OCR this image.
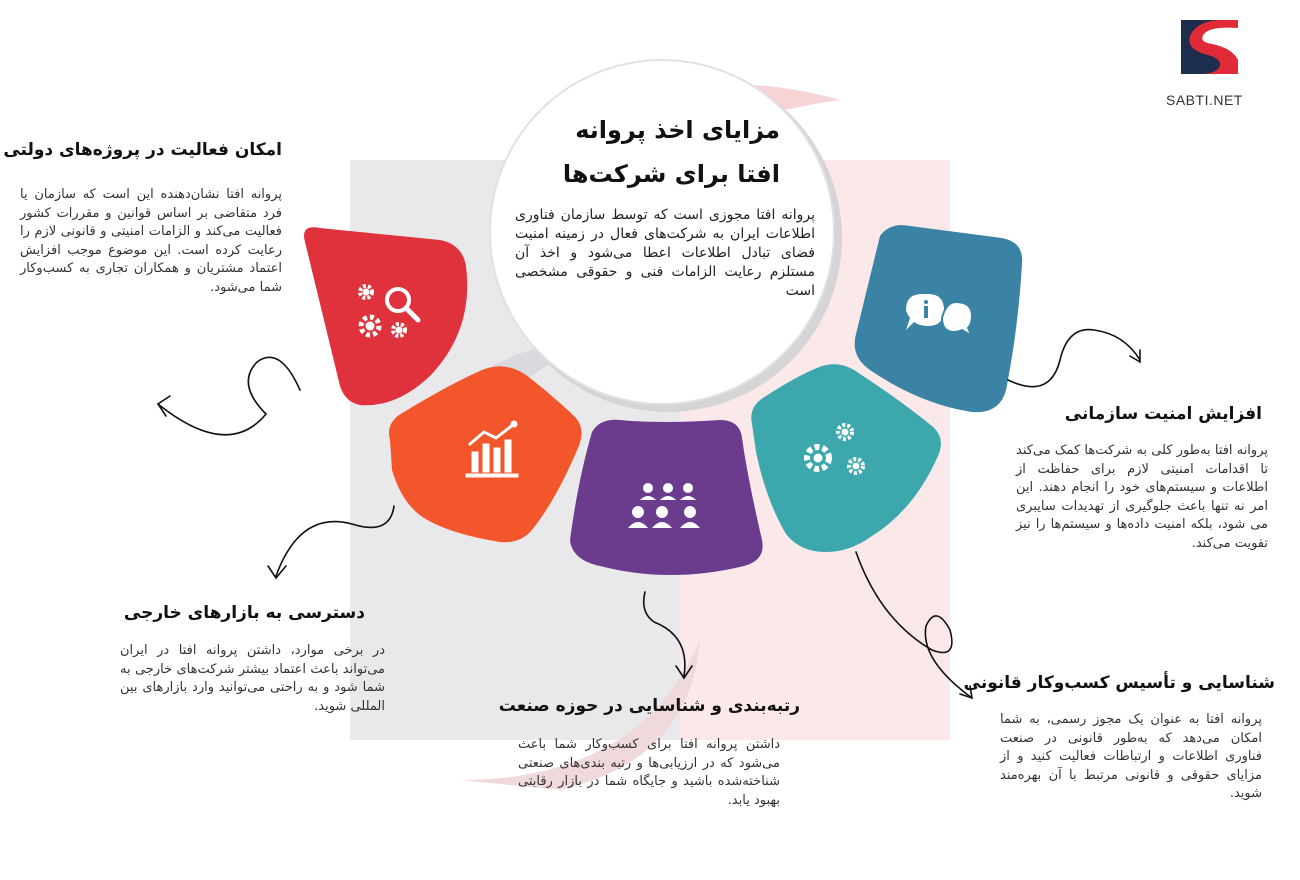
SABTI.NET
مزایای اخذ پروانه
افتا برای شرکت‌ها
پروانه افتا مجوزی است که توسط سازمان فناوری اطلاعات ایران به شرکت‌های فعال در زمینه امنیت فضای تبادل اطلاعات اعطا می‌شود و اخذ آن مستلزم رعایت الزامات فنی و حقوقی مشخصی است
امکان فعالیت در پروژه‌های دولتی
پروانه افتا نشان‌دهنده این است که سازمان یا فرد متقاضی بر اساس قوانین و مقررات کشور فعالیت می‌کند و الزامات امنیتی و قانونی لازم را رعایت کرده است. این موضوع موجب افزایش اعتماد مشتریان و همکاران تجاری به کسب‌وکار شما می‌شود.
دسترسی به بازارهای خارجی
در برخی موارد، داشتن پروانه افتا در ایران می‌تواند باعث اعتماد بیشتر شرکت‌های خارجی به شما شود و به راحتی می‌توانید وارد بازارهای بین المللی شوید.	رتبه‌بندی و شناسایی در حوزه صنعت
داشتن پروانه افتا برای کسب‌وکار شما باعث می‌شود که در ارزیابی‌ها و رتبه بندی‌های صنعتی شناخته‌شده باشید و جایگاه شما در بازار رقابتی بهبود یابد.
شناسایی و تأسیس کسب‌وکار قانونی
پروانه افتا به عنوان یک مجوز رسمی، به شما امکان می‌دهد که به‌طور قانونی در صنعت فناوری اطلاعات و ارتباطات فعالیت کنید و از مزایای حقوقی و قانونی مرتبط با آن بهره‌مند شوید.
افزایش امنیت سازمانی
پروانه افتا به‌طور کلی به شرکت‌ها کمک می‌کند تا اقدامات امنیتی لازم برای حفاظت از اطلاعات و سیستم‌های خود را انجام دهند. این امر نه تنها باعث جلوگیری از تهدیدات سایبری می شود، بلکه امنیت داده‌ها و سیستم‌ها را نیز تقویت می‌کند.
